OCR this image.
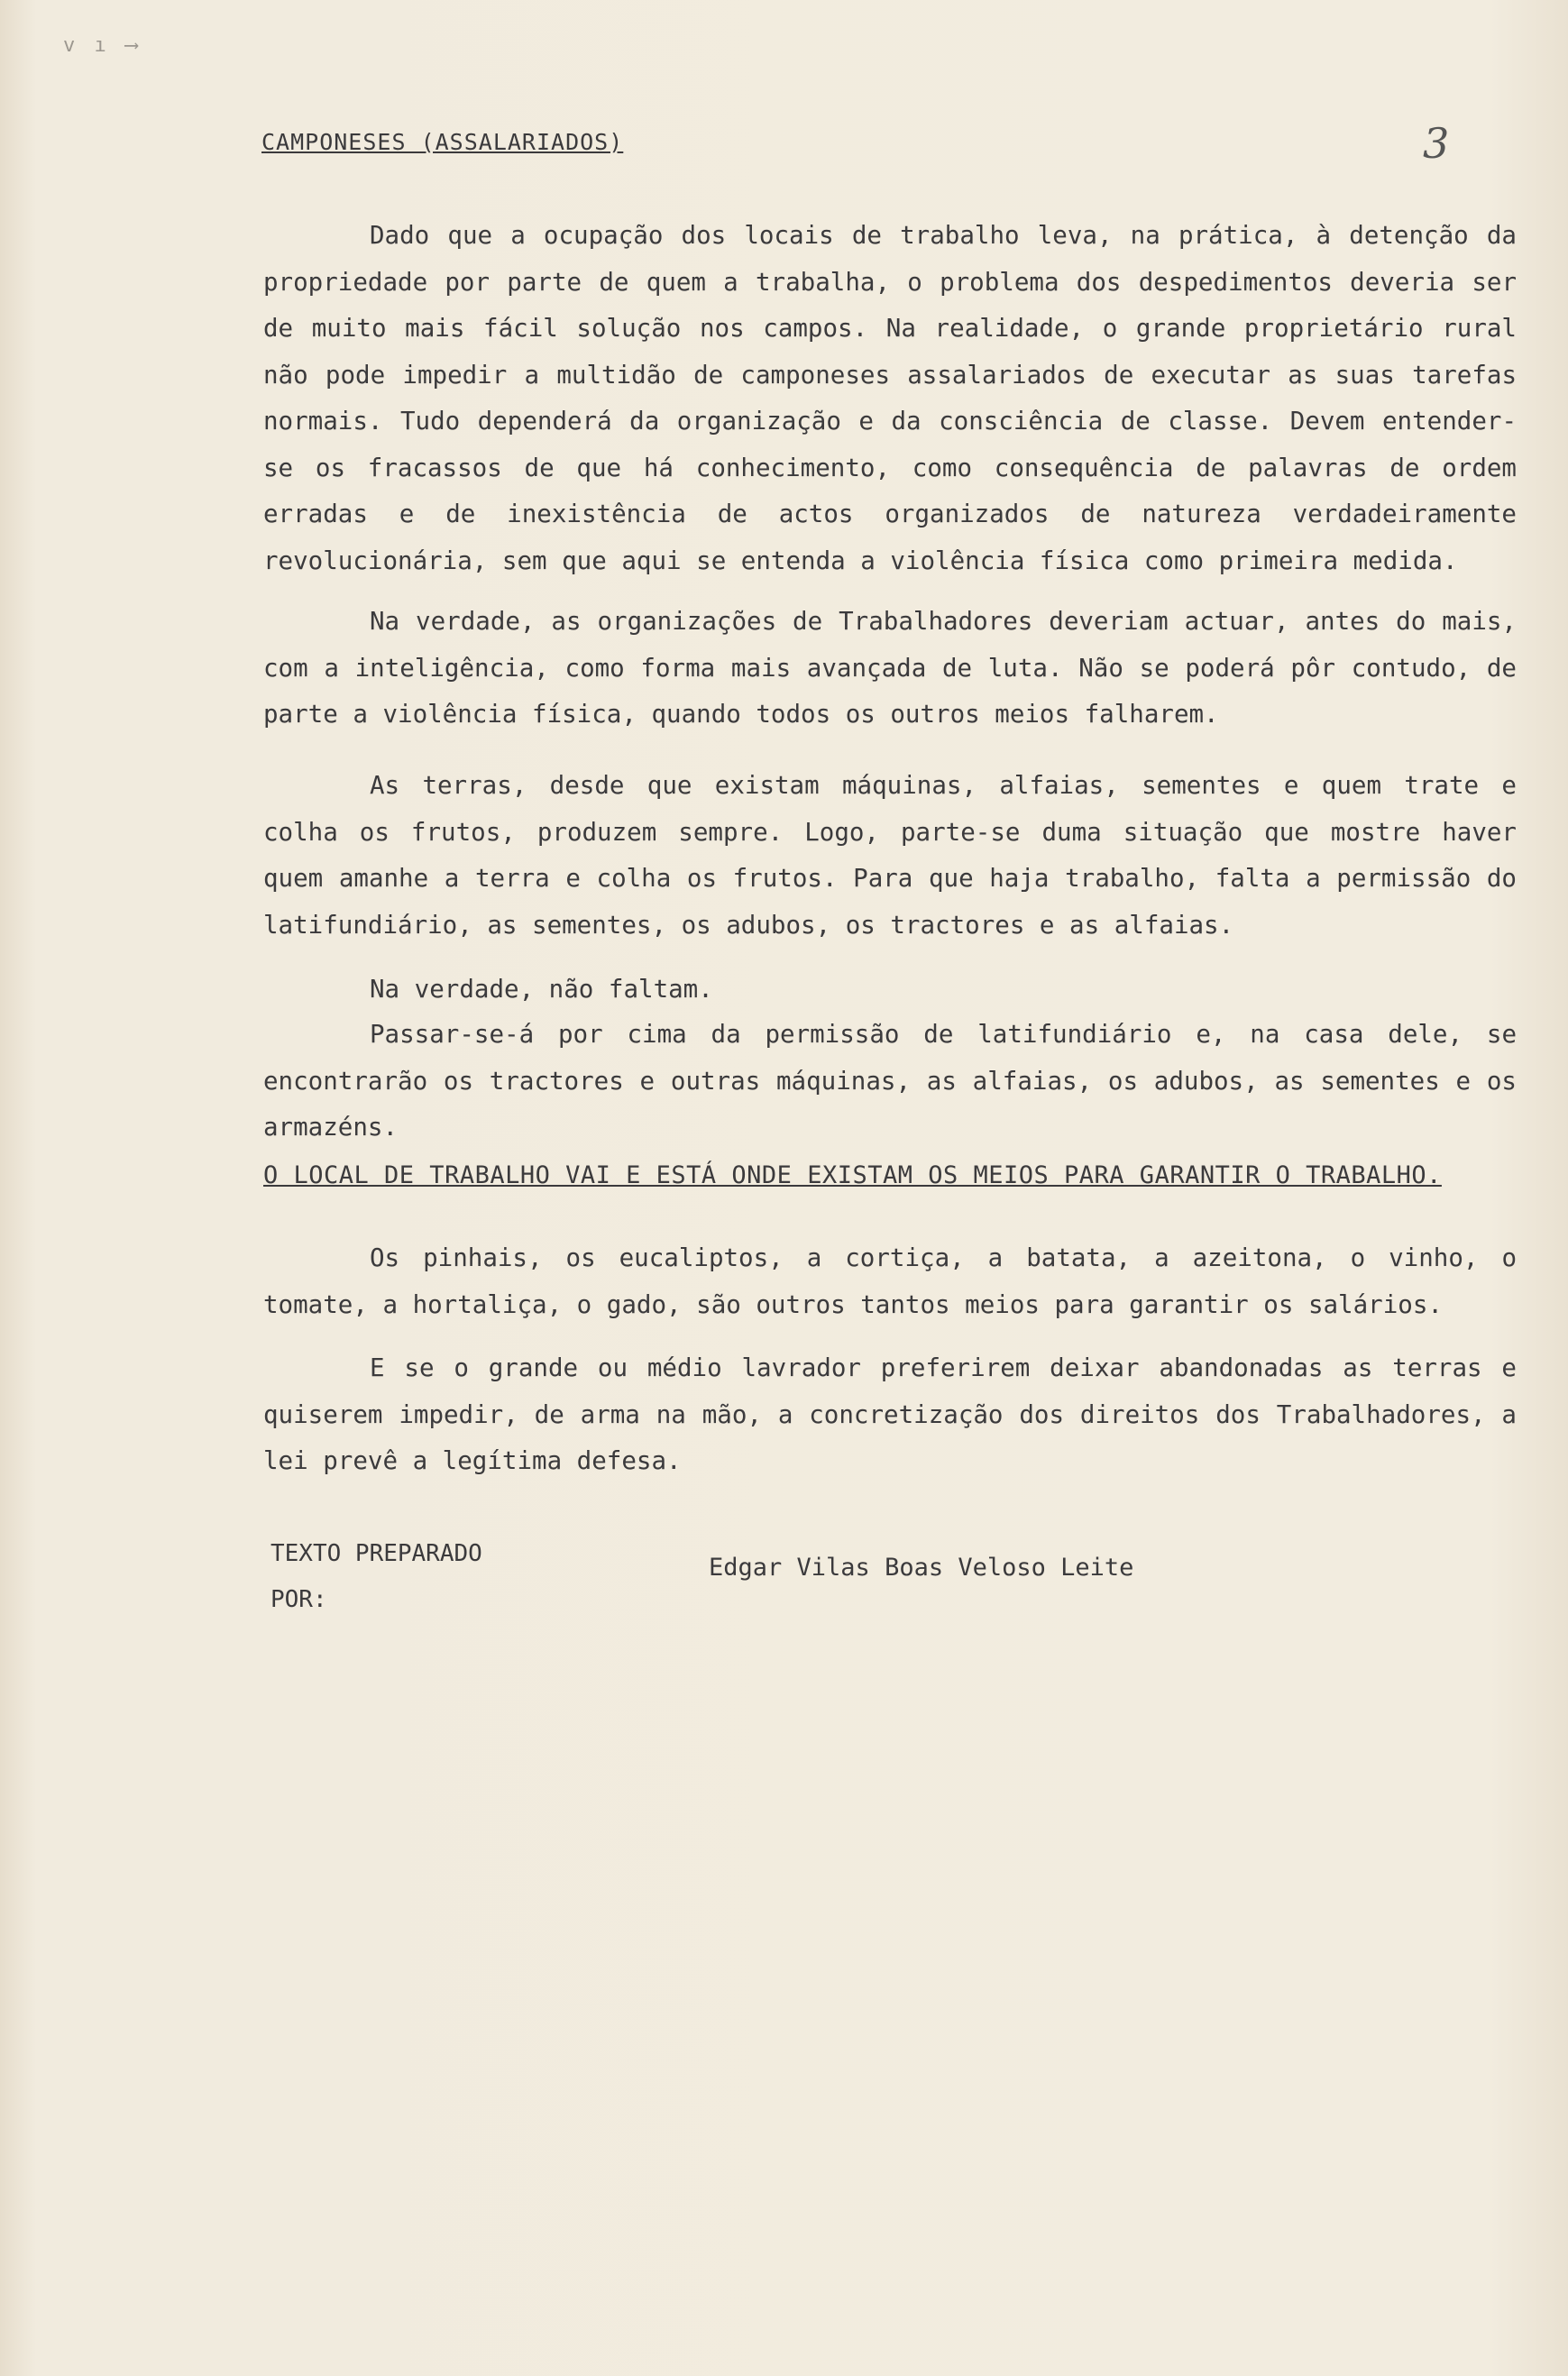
v ı ⟶
CAMPONESES (ASSALARIADOS)	3

Dado que a ocupação dos locais de trabalho leva, na prática, à detenção da propriedade por parte de quem a trabalha, o problema dos despedimentos deveria ser de muito mais fácil solução nos campos. Na realidade, o grande proprietário rural não pode impedir a multidão de camponeses assalariados de executar as suas tarefas normais. Tudo dependerá da organização e da consciência de classe. Devem entender-se os fracassos de que há conhecimento, como consequência de palavras de ordem erradas e de inexistência de actos organizados de natureza verdadeiramente revolucionária, sem que aqui se entenda a violência física como primeira medida.

Na verdade, as organizações de Trabalhadores deveriam actuar, antes do mais, com a inteligência, como forma mais avançada de luta. Não se poderá pôr contudo, de parte a violência física, quando todos os outros meios falharem.

As terras, desde que existam máquinas, alfaias, sementes e quem trate e colha os frutos, produzem sempre. Logo, parte-se duma situação que mostre haver quem amanhe a terra e colha os frutos. Para que haja trabalho, falta a permissão do latifundiário, as sementes, os adubos, os tractores e as alfaias.

Na verdade, não faltam.

Passar-se-á por cima da permissão de latifundiário e, na casa dele, se encontrarão os tractores e outras máquinas, as alfaias, os adubos, as sementes e os armazéns.

O LOCAL DE TRABALHO VAI E ESTÁ ONDE EXISTAM OS MEIOS PARA GARANTIR O TRABALHO.

Os pinhais, os eucaliptos, a cortiça, a batata, a azeitona, o vinho, o tomate, a hortaliça, o gado, são outros tantos meios para garantir os salários.

E se o grande ou médio lavrador preferirem deixar abandonadas as terras e quiserem impedir, de arma na mão, a concretização dos direitos dos Trabalhadores, a lei prevê a legítima defesa.

TEXTO PREPARADO
POR:
Edgar Vilas Boas Veloso Leite
